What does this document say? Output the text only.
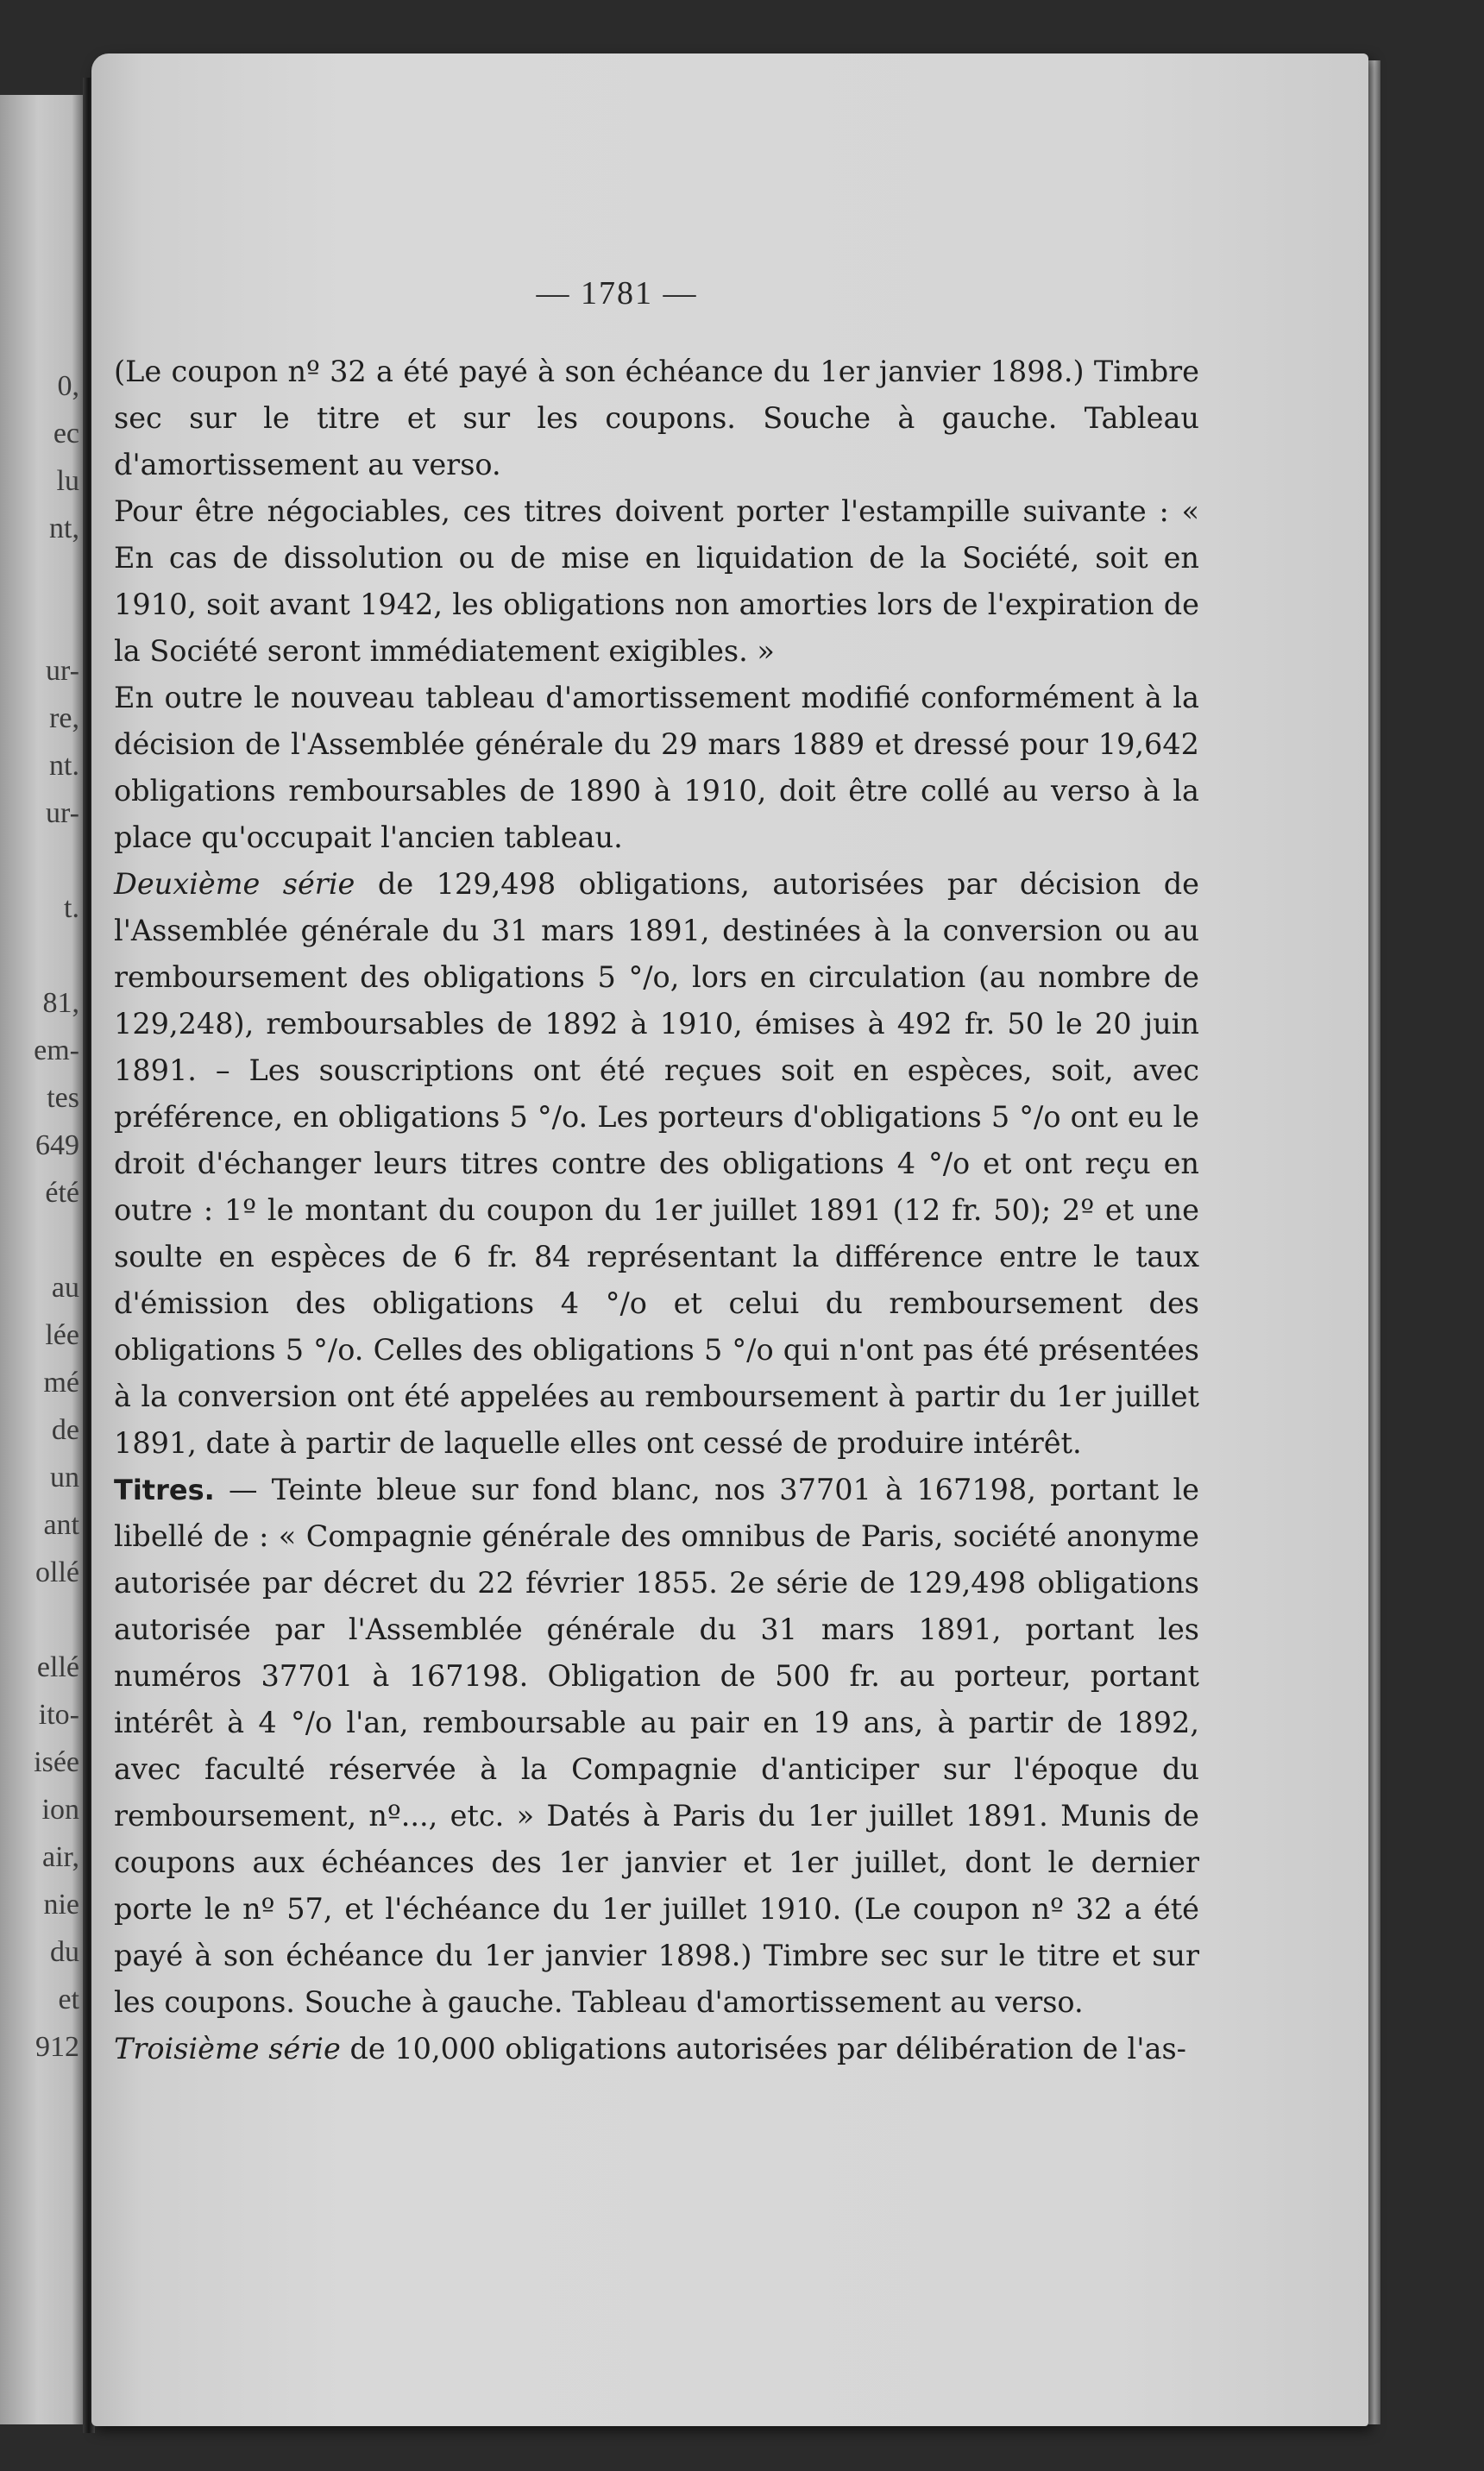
0,
ec
lu
nt,
ur-
re,
nt.
ur-
t.
81,
em-
tes
649
été
au
lée
mé
de
un
ant
ollé
ellé
ito-
isée
ion
air,
nie
du
et
912
— 1781 —

(Le coupon nº 32 a été payé à son échéance du 1er janvier 1898.) Timbre sec sur le titre et sur les coupons. Souche à gauche. Tableau d'amortissement au verso.

Pour être négociables, ces titres doivent porter l'estampille suivante : « En cas de dissolution ou de mise en liquidation de la Société, soit en 1910, soit avant 1942, les obligations non amorties lors de l'expiration de la Société seront immédiatement exigibles. »

En outre le nouveau tableau d'amortissement modifié conformément à la décision de l'Assemblée générale du 29 mars 1889 et dressé pour 19,642 obligations remboursables de 1890 à 1910, doit être collé au verso à la place qu'occupait l'ancien tableau.

Deuxième série de 129,498 obligations, autorisées par décision de l'Assemblée générale du 31 mars 1891, destinées à la conversion ou au remboursement des obligations 5 °/o, lors en circulation (au nombre de 129,248), remboursables de 1892 à 1910, émises à 492 fr. 50 le 20 juin 1891. – Les souscriptions ont été reçues soit en espèces, soit, avec préférence, en obligations 5 °/o. Les porteurs d'obligations 5 °/o ont eu le droit d'échanger leurs titres contre des obligations 4 °/o et ont reçu en outre : 1º le montant du coupon du 1er juillet 1891 (12 fr. 50); 2º et une soulte en espèces de 6 fr. 84 représentant la différence entre le taux d'émission des obligations 4 °/o et celui du remboursement des obligations 5 °/o. Celles des obligations 5 °/o qui n'ont pas été présentées à la conversion ont été appelées au remboursement à partir du 1er juillet 1891, date à partir de laquelle elles ont cessé de produire intérêt.

Titres. — Teinte bleue sur fond blanc, nos 37701 à 167198, portant le libellé de : « Compagnie générale des omnibus de Paris, société anonyme autorisée par décret du 22 février 1855. 2e série de 129,498 obligations autorisée par l'Assemblée générale du 31 mars 1891, portant les numéros 37701 à 167198. Obligation de 500 fr. au porteur, portant intérêt à 4 °/o l'an, remboursable au pair en 19 ans, à partir de 1892, avec faculté réservée à la Compagnie d'anticiper sur l'époque du remboursement, nº..., etc. » Datés à Paris du 1er juillet 1891. Munis de coupons aux échéances des 1er janvier et 1er juillet, dont le dernier porte le nº 57, et l'échéance du 1er juillet 1910. (Le coupon nº 32 a été payé à son échéance du 1er janvier 1898.) Timbre sec sur le titre et sur les coupons. Souche à gauche. Tableau d'amortissement au verso.

Troisième série de 10,000 obligations autorisées par délibération de l'as-
